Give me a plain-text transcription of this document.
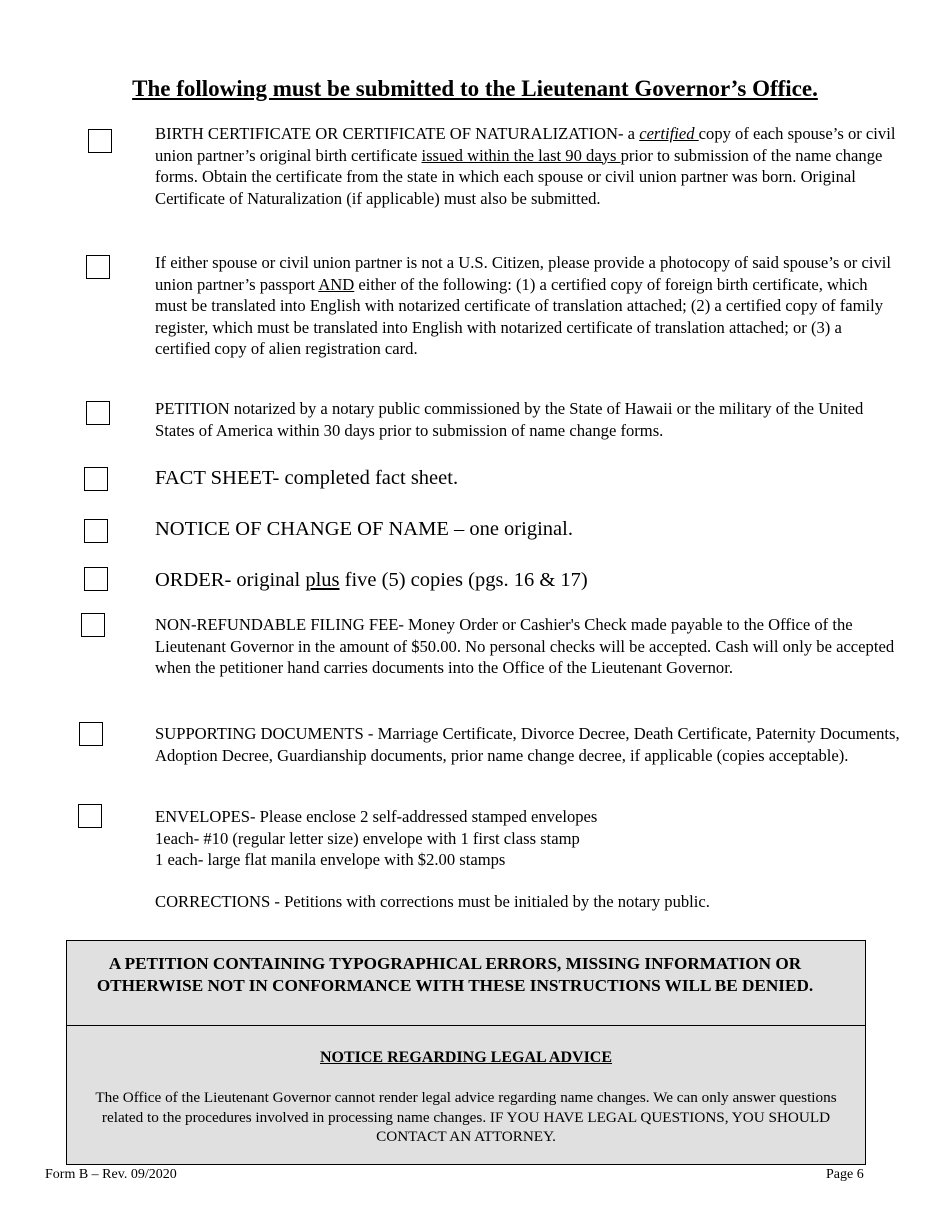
The following must be submitted to the Lieutenant Governor’s Office.
BIRTH CERTIFICATE OR CERTIFICATE OF NATURALIZATION- a certified copy of each spouse’s or civil union partner’s original birth certificate issued within the last 90 days prior to submission of the name change forms. Obtain the certificate from the state in which each spouse or civil union partner was born. Original Certificate of Naturalization (if applicable) must also be submitted.
If either spouse or civil union partner is not a U.S. Citizen, please provide a photocopy of said spouse’s or civil union partner’s passport AND either of the following: (1) a certified copy of foreign birth certificate, which must be translated into English with notarized certificate of translation attached; (2) a certified copy of family register, which must be translated into English with notarized certificate of translation attached; or (3) a certified copy of alien registration card.
PETITION notarized by a notary public commissioned by the State of Hawaii or the military of the United States of America within 30 days prior to submission of name change forms.
FACT SHEET- completed fact sheet.
NOTICE OF CHANGE OF NAME – one original.
ORDER- original plus five (5) copies (pgs. 16 & 17)
NON-REFUNDABLE FILING FEE- Money Order or Cashier's Check made payable to the Office of the Lieutenant Governor in the amount of $50.00. No personal checks will be accepted. Cash will only be accepted when the petitioner hand carries documents into the Office of the Lieutenant Governor.
SUPPORTING DOCUMENTS - Marriage Certificate, Divorce Decree, Death Certificate, Paternity Documents, Adoption Decree, Guardianship documents, prior name change decree, if applicable (copies acceptable).
ENVELOPES- Please enclose 2 self-addressed stamped envelopes
1each- #10 (regular letter size) envelope with 1 first class stamp
1 each- large flat manila envelope with $2.00 stamps
CORRECTIONS - Petitions with corrections must be initialed by the notary public.
A PETITION CONTAINING TYPOGRAPHICAL ERRORS, MISSING INFORMATION OR OTHERWISE NOT IN CONFORMANCE WITH THESE INSTRUCTIONS WILL BE DENIED.
NOTICE REGARDING LEGAL ADVICE
The Office of the Lieutenant Governor cannot render legal advice regarding name changes. We can only answer questions related to the procedures involved in processing name changes. IF YOU HAVE LEGAL QUESTIONS, YOU SHOULD CONTACT AN ATTORNEY.
Form B – Rev. 09/2020	Page 6
